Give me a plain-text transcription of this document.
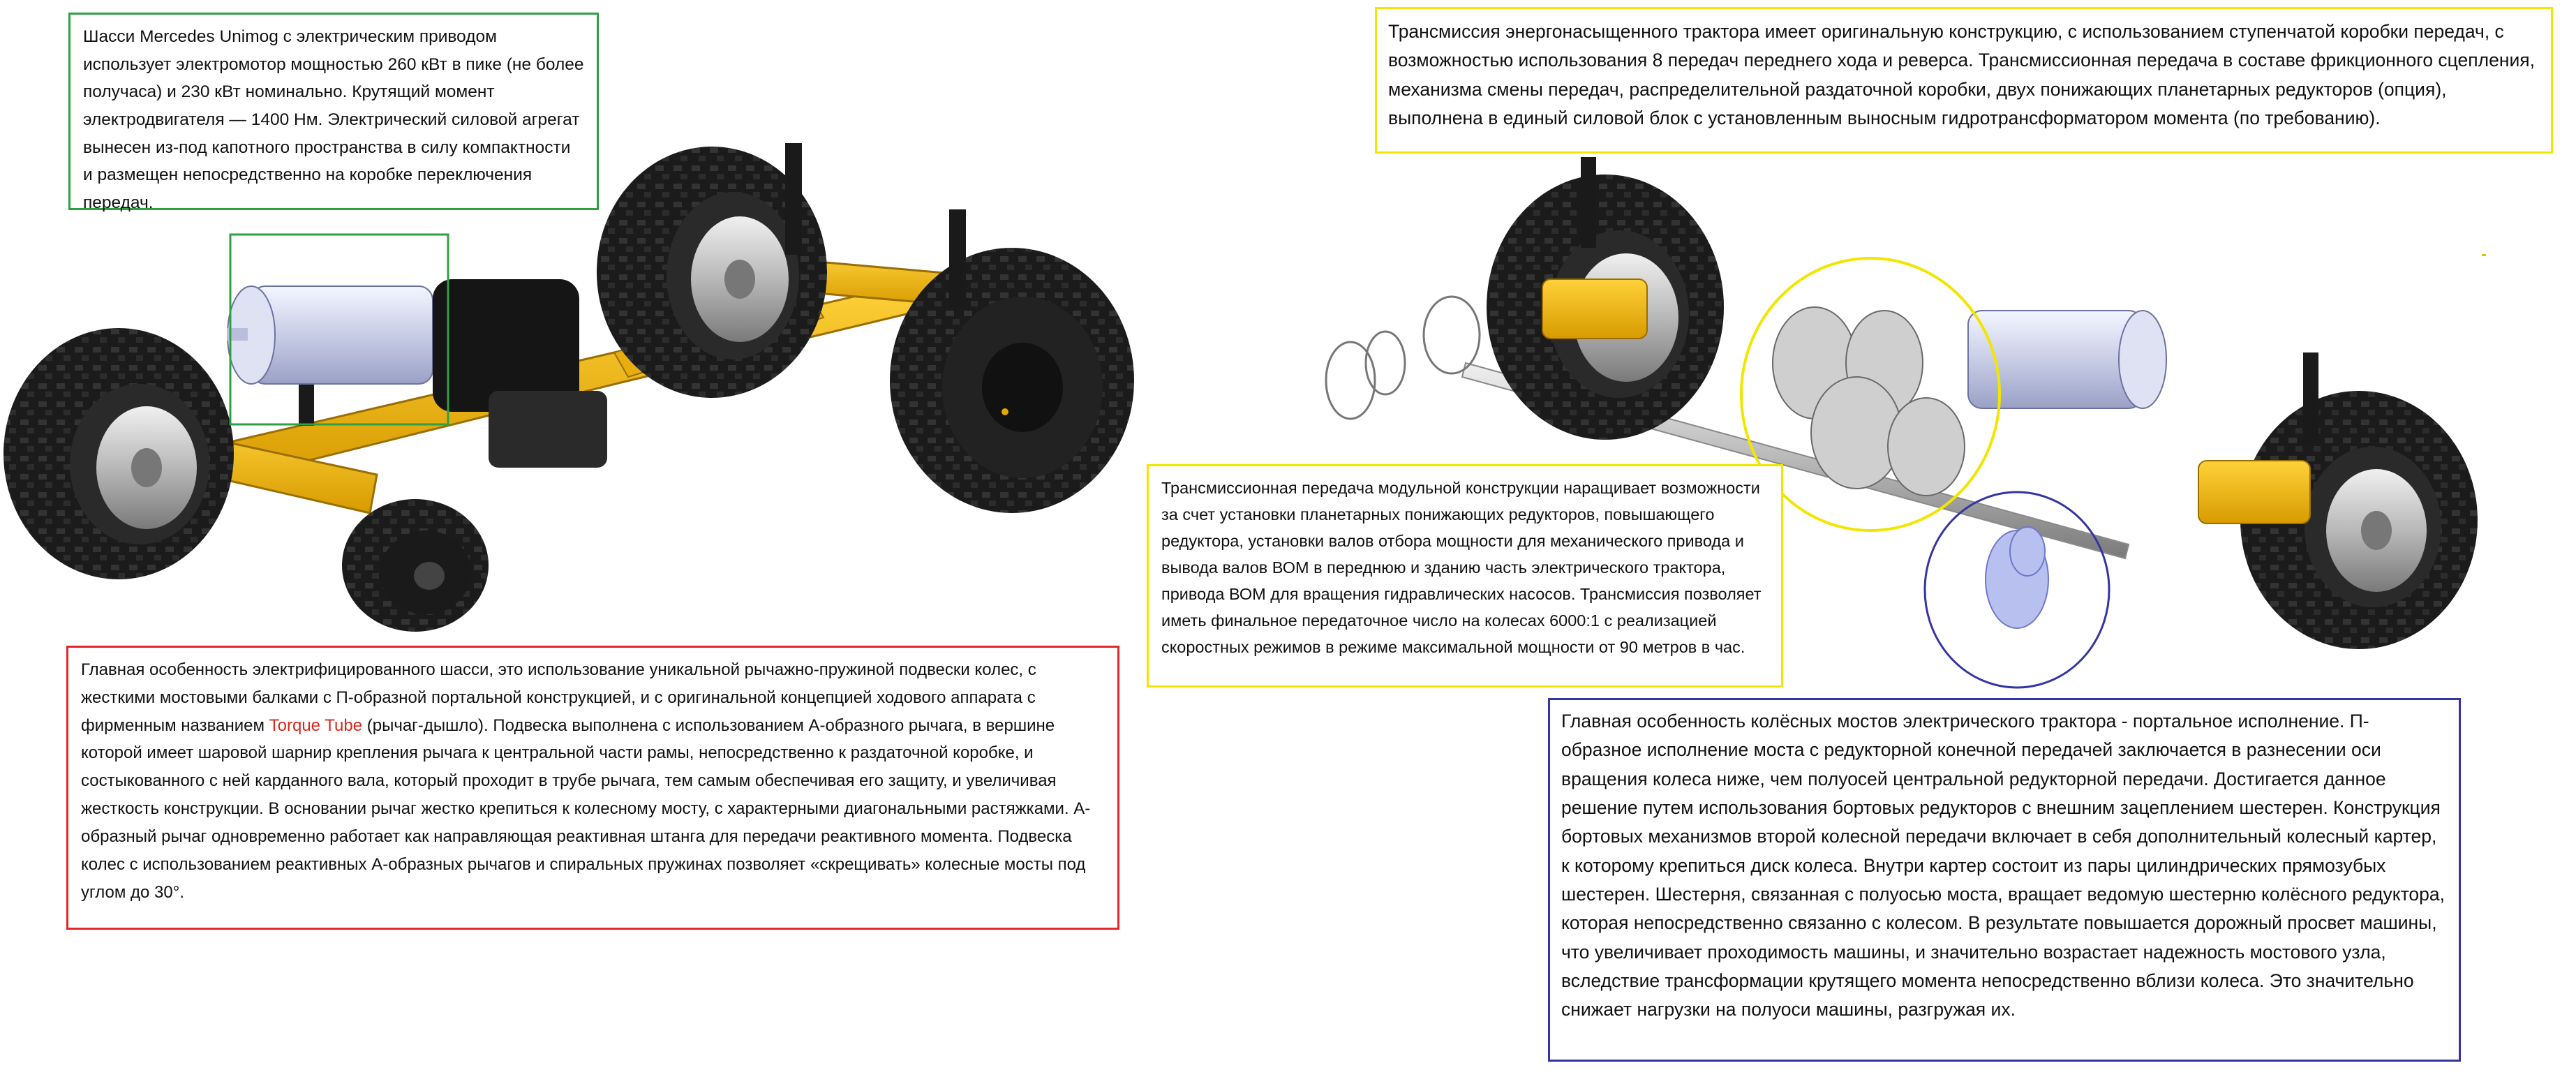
Шасси Mercedes Unimog с электрическим приводом использует электромотор мощностью 260 кВт в пике (не более получаса) и 230 кВт номинально. Крутящий момент электродвигателя — 1400 Нм. Электрический силовой агрегат вынесен из-под капотного пространства в силу компактности и размещен непосредственно на коробке переключения передач.

Главная особенность электрифицированного шасси, это использование уникальной рычажно-пружиной подвески колес, с жесткими мостовыми балками с П-образной портальной конструкцией, и с оригинальной концепцией ходового аппарата с фирменным названием Torque Tube (рычаг-дышло). Подвеска выполнена с использованием А-образного рычага, в вершине которой имеет шаровой шарнир крепления рычага к центральной части рамы, непосредственно к раздаточной коробке, и состыкованного с ней карданного вала, который проходит в трубе рычага, тем самым обеспечивая его защиту, и увеличивая жесткость конструкции. В основании рычаг жестко крепиться к колесному мосту, с характерными диагональными растяжками. А-образный рычаг одновременно работает как направляющая реактивная штанга для передачи реактивного момента. Подвеска колес с использованием реактивных А-образных рычагов и спиральных пружинах позволяет «скрещивать» колесные мосты под углом до 30°.

Трансмиссия энергонасыщенного трактора имеет оригинальную конструкцию, с использованием ступенчатой коробки передач, с возможностью использования 8 передач переднего хода и реверса. Трансмиссионная передача в составе фрикционного сцепления, механизма смены передач, распределительной раздаточной коробки, двух понижающих планетарных редукторов (опция), выполнена в единый силовой блок с установленным выносным гидротрансформатором момента (по требованию).

Трансмиссионная передача модульной конструкции наращивает возможности за счет установки планетарных понижающих редукторов, повышающего редуктора, установки валов отбора мощности для механического привода и вывода валов ВОМ в переднюю и зданию часть электрического трактора, привода ВОМ для вращения гидравлических насосов. Трансмиссия позволяет иметь финальное передаточное число на колесах 6000:1 с реализацией скоростных режимов в режиме максимальной мощности от 90 метров в час.

Главная особенность колёсных мостов электрического трактора - портальное исполнение. П-образное исполнение моста с редукторной конечной передачей заключается в разнесении оси вращения колеса ниже, чем полуосей центральной редукторной передачи. Достигается данное решение путем использования бортовых редукторов с внешним зацеплением шестерен. Конструкция бортовых механизмов второй колесной передачи включает в себя дополнительный колесный картер, к которому крепиться диск колеса. Внутри картер состоит из пары цилиндрических прямозубых шестерен. Шестерня, связанная с полуосью моста, вращает ведомую шестерню колёсного редуктора, которая непосредственно связанно с колесом. В результате повышается дорожный просвет машины, что увеличивает проходимость машины, и значительно возрастает надежность мостового узла, вследствие трансформации крутящего момента непосредственно вблизи колеса. Это значительно снижает нагрузки на полуоси машины, разгружая их.
